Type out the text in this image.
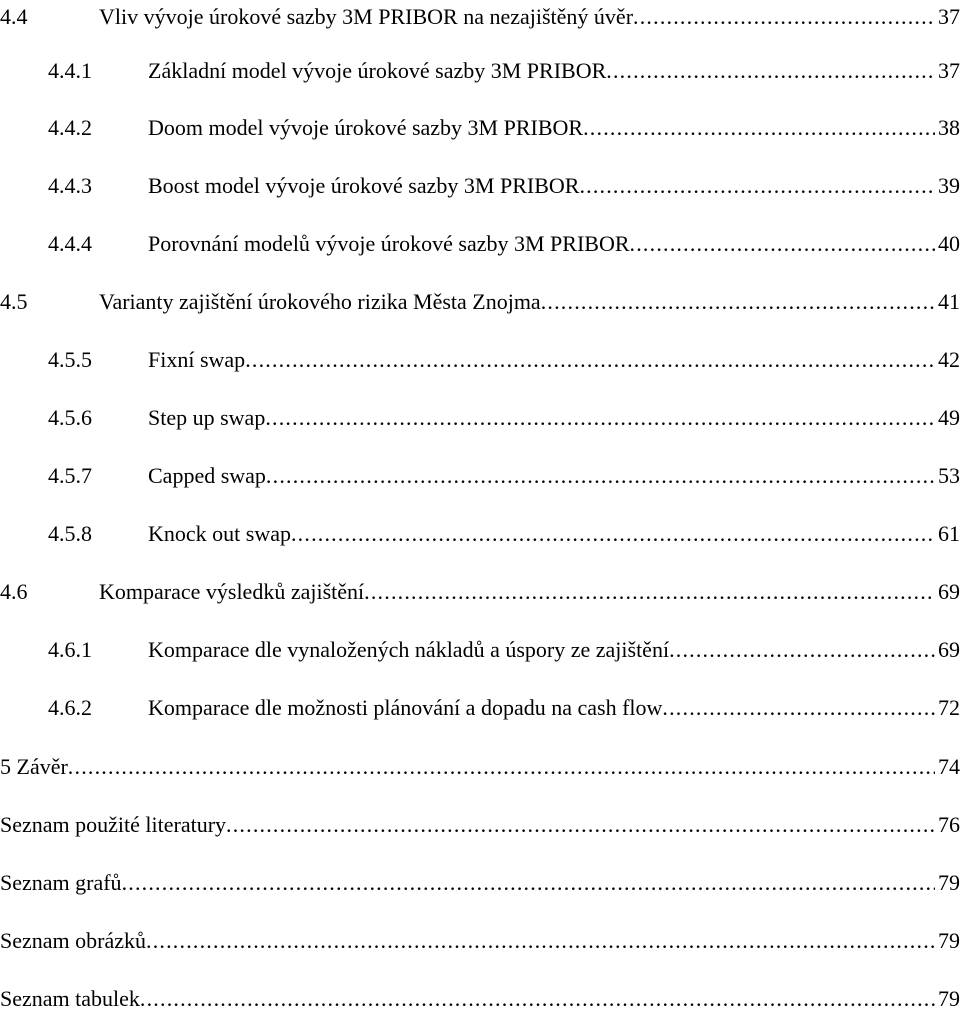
4.4	Vliv vývoje úrokové sazby 3M PRIBOR na nezajištěný úvěr .....	37
4.4.1	Základní model vývoje úrokové sazby 3M PRIBOR .....	37
4.4.2	Doom model vývoje úrokové sazby 3M PRIBOR .....	38
4.4.3	Boost model vývoje úrokové sazby 3M PRIBOR .....	39
4.4.4	Porovnání modelů vývoje úrokové sazby 3M PRIBOR .....	40
4.5	Varianty zajištění úrokového rizika Města Znojma .....	41
4.5.5	Fixní swap .....	42
4.5.6	Step up swap .....	49
4.5.7	Capped swap .....	53
4.5.8	Knock out swap .....	61
4.6	Komparace výsledků zajištění .....	69
4.6.1	Komparace dle vynaložených nákladů a úspory ze zajištění .....	69
4.6.2	Komparace dle možnosti plánování a dopadu na cash flow .....	72
5 Závěr .....	74
Seznam použité literatury .....	76
Seznam grafů .....	79
Seznam obrázků .....	79
Seznam tabulek .....	79
